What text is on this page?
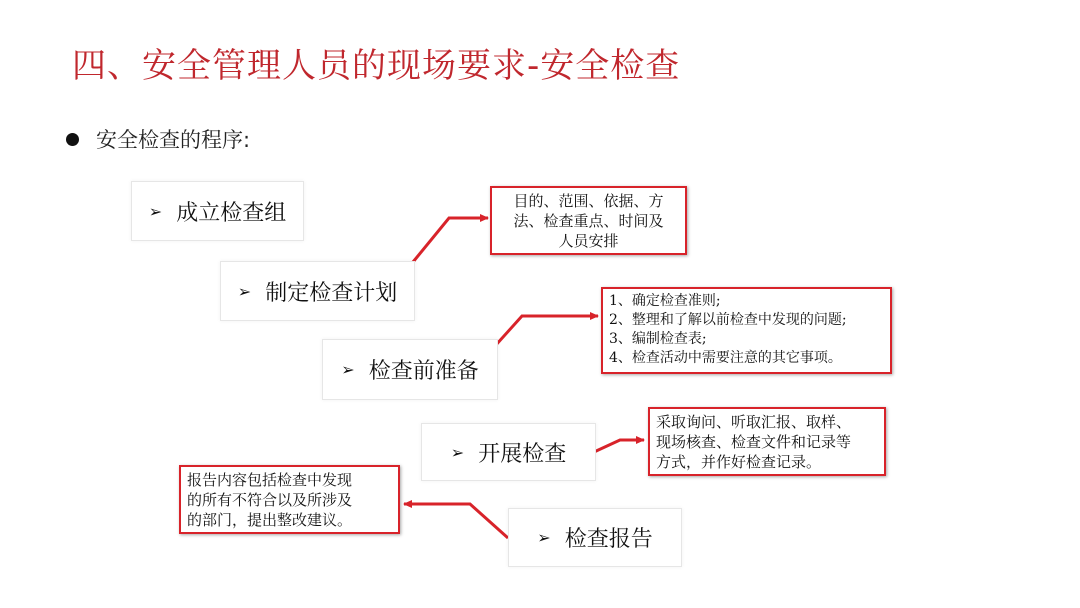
四、安全管理人员的现场要求-安全检查
安全检查的程序:
➢ 成立检查组
➢ 制定检查计划
➢ 检查前准备
➢ 开展检查
➢ 检查报告
目的、范围、依据、方
法、检查重点、时间及
人员安排
1、确定检查准则;
2、整理和了解以前检查中发现的问题;
3、编制检查表;
4、检查活动中需要注意的其它事项。
采取询问、听取汇报、取样、
现场核查、检查文件和记录等
方式，并作好检查记录。
报告内容包括检查中发现
的所有不符合以及所涉及
的部门，提出整改建议。
